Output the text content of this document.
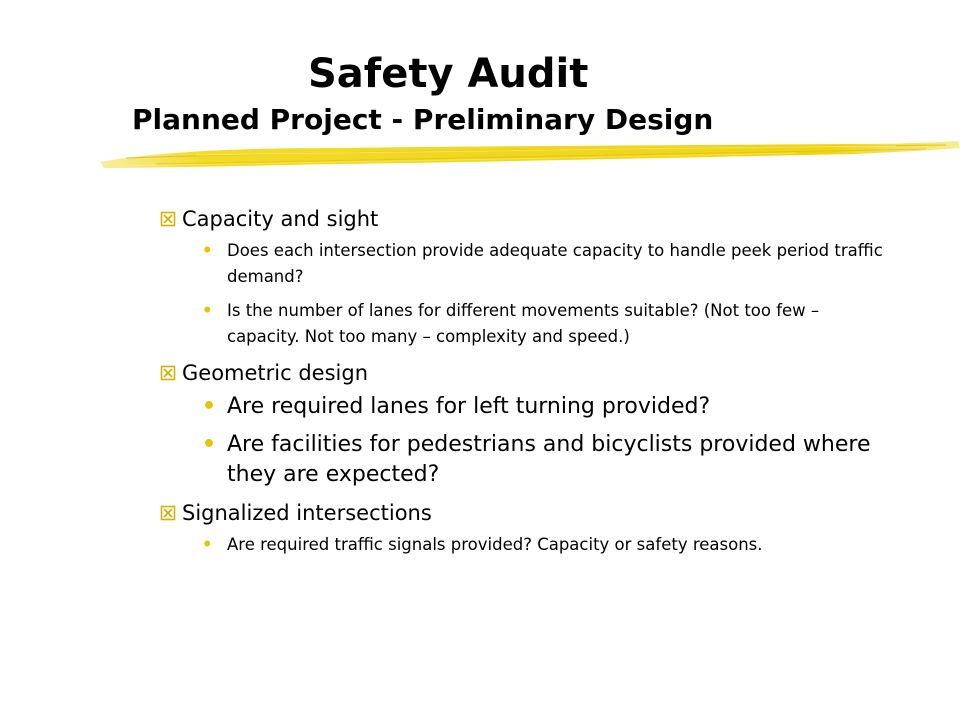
Safety Audit
Planned Project - Preliminary Design
Capacity and sight
• Does each intersection provide adequate capacity to handle peek period traffic demand?
• Is the number of lanes for different movements suitable? (Not too few – capacity. Not too many – complexity and speed.)
Geometric design
• Are required lanes for left turning provided?
• Are facilities for pedestrians and bicyclists provided where they are expected?
Signalized intersections
• Are required traffic signals provided? Capacity or safety reasons.
